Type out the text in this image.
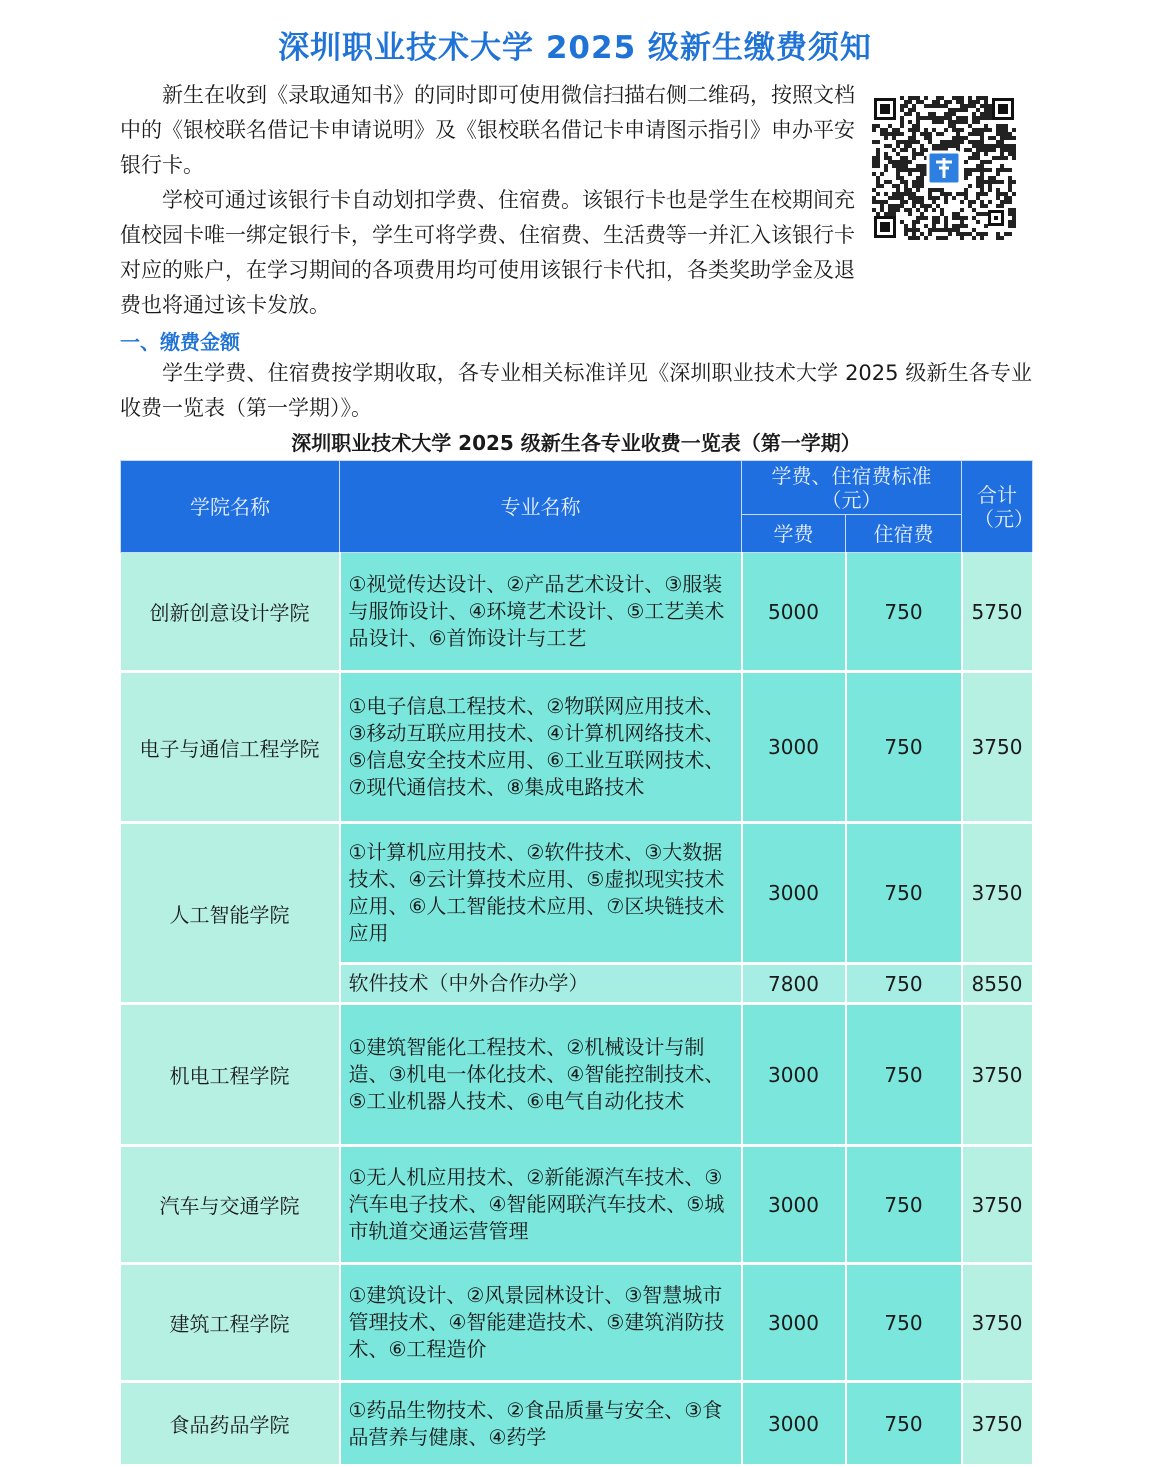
深圳职业技术大学 2025 级新生缴费须知

新生在收到《录取通知书》的同时即可使用微信扫描右侧二维码，按照文档中的《银校联名借记卡申请说明》及《银校联名借记卡申请图示指引》申办平安银行卡。

学校可通过该银行卡自动划扣学费、住宿费。该银行卡也是学生在校期间充值校园卡唯一绑定银行卡，学生可将学费、住宿费、生活费等一并汇入该银行卡对应的账户，在学习期间的各项费用均可使用该银行卡代扣，各类奖助学金及退费也将通过该卡发放。

一、缴费金额

学生学费、住宿费按学期收取，各专业相关标准详见《深圳职业技术大学 2025 级新生各专业收费一览表（第一学期）》。

深圳职业技术大学 2025 级新生各专业收费一览表（第一学期）
学院名称	专业名称	学费、住宿费标准（元）		合计（元）
		学费	住宿费	
创新创意设计学院	①视觉传达设计、②产品艺术设计、③服装与服饰设计、④环境艺术设计、⑤工艺美术品设计、⑥首饰设计与工艺	5000	750	5750
电子与通信工程学院	①电子信息工程技术、②物联网应用技术、③移动互联应用技术、④计算机网络技术、⑤信息安全技术应用、⑥工业互联网技术、⑦现代通信技术、⑧集成电路技术	3000	750	3750
人工智能学院	①计算机应用技术、②软件技术、③大数据技术、④云计算技术应用、⑤虚拟现实技术应用、⑥人工智能技术应用、⑦区块链技术应用	3000	750	3750
	软件技术（中外合作办学）	7800	750	8550
机电工程学院	①建筑智能化工程技术、②机械设计与制造、③机电一体化技术、④智能控制技术、⑤工业机器人技术、⑥电气自动化技术	3000	750	3750
汽车与交通学院	①无人机应用技术、②新能源汽车技术、③汽车电子技术、④智能网联汽车技术、⑤城市轨道交通运营管理	3000	750	3750
建筑工程学院	①建筑设计、②风景园林设计、③智慧城市管理技术、④智能建造技术、⑤建筑消防技术、⑥工程造价	3000	750	3750
食品药品学院	①药品生物技术、②食品质量与安全、③食品营养与健康、④药学	3000	750	3750
